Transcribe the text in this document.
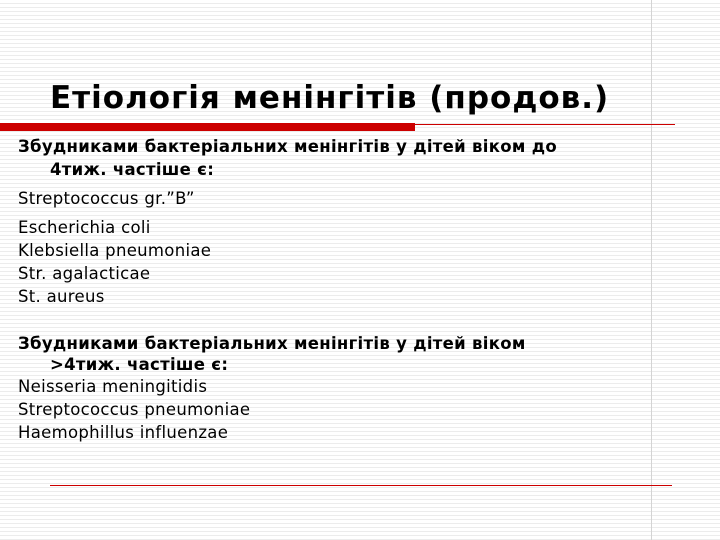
Етіологія менінгітів (продов.)

Збудниками бактеріальних менінгітів у дітей віком до
4тиж. частіше є:

Streptococcus gr.”B”

Escherichia coli

Klebsiella pneumoniae

Str. agalacticae

St. aureus

Збудниками бактеріальних менінгітів у дітей віком
>4тиж. частіше є:

Neisseria meningitidis

Streptococcus pneumoniae

Haemophillus influenzae
